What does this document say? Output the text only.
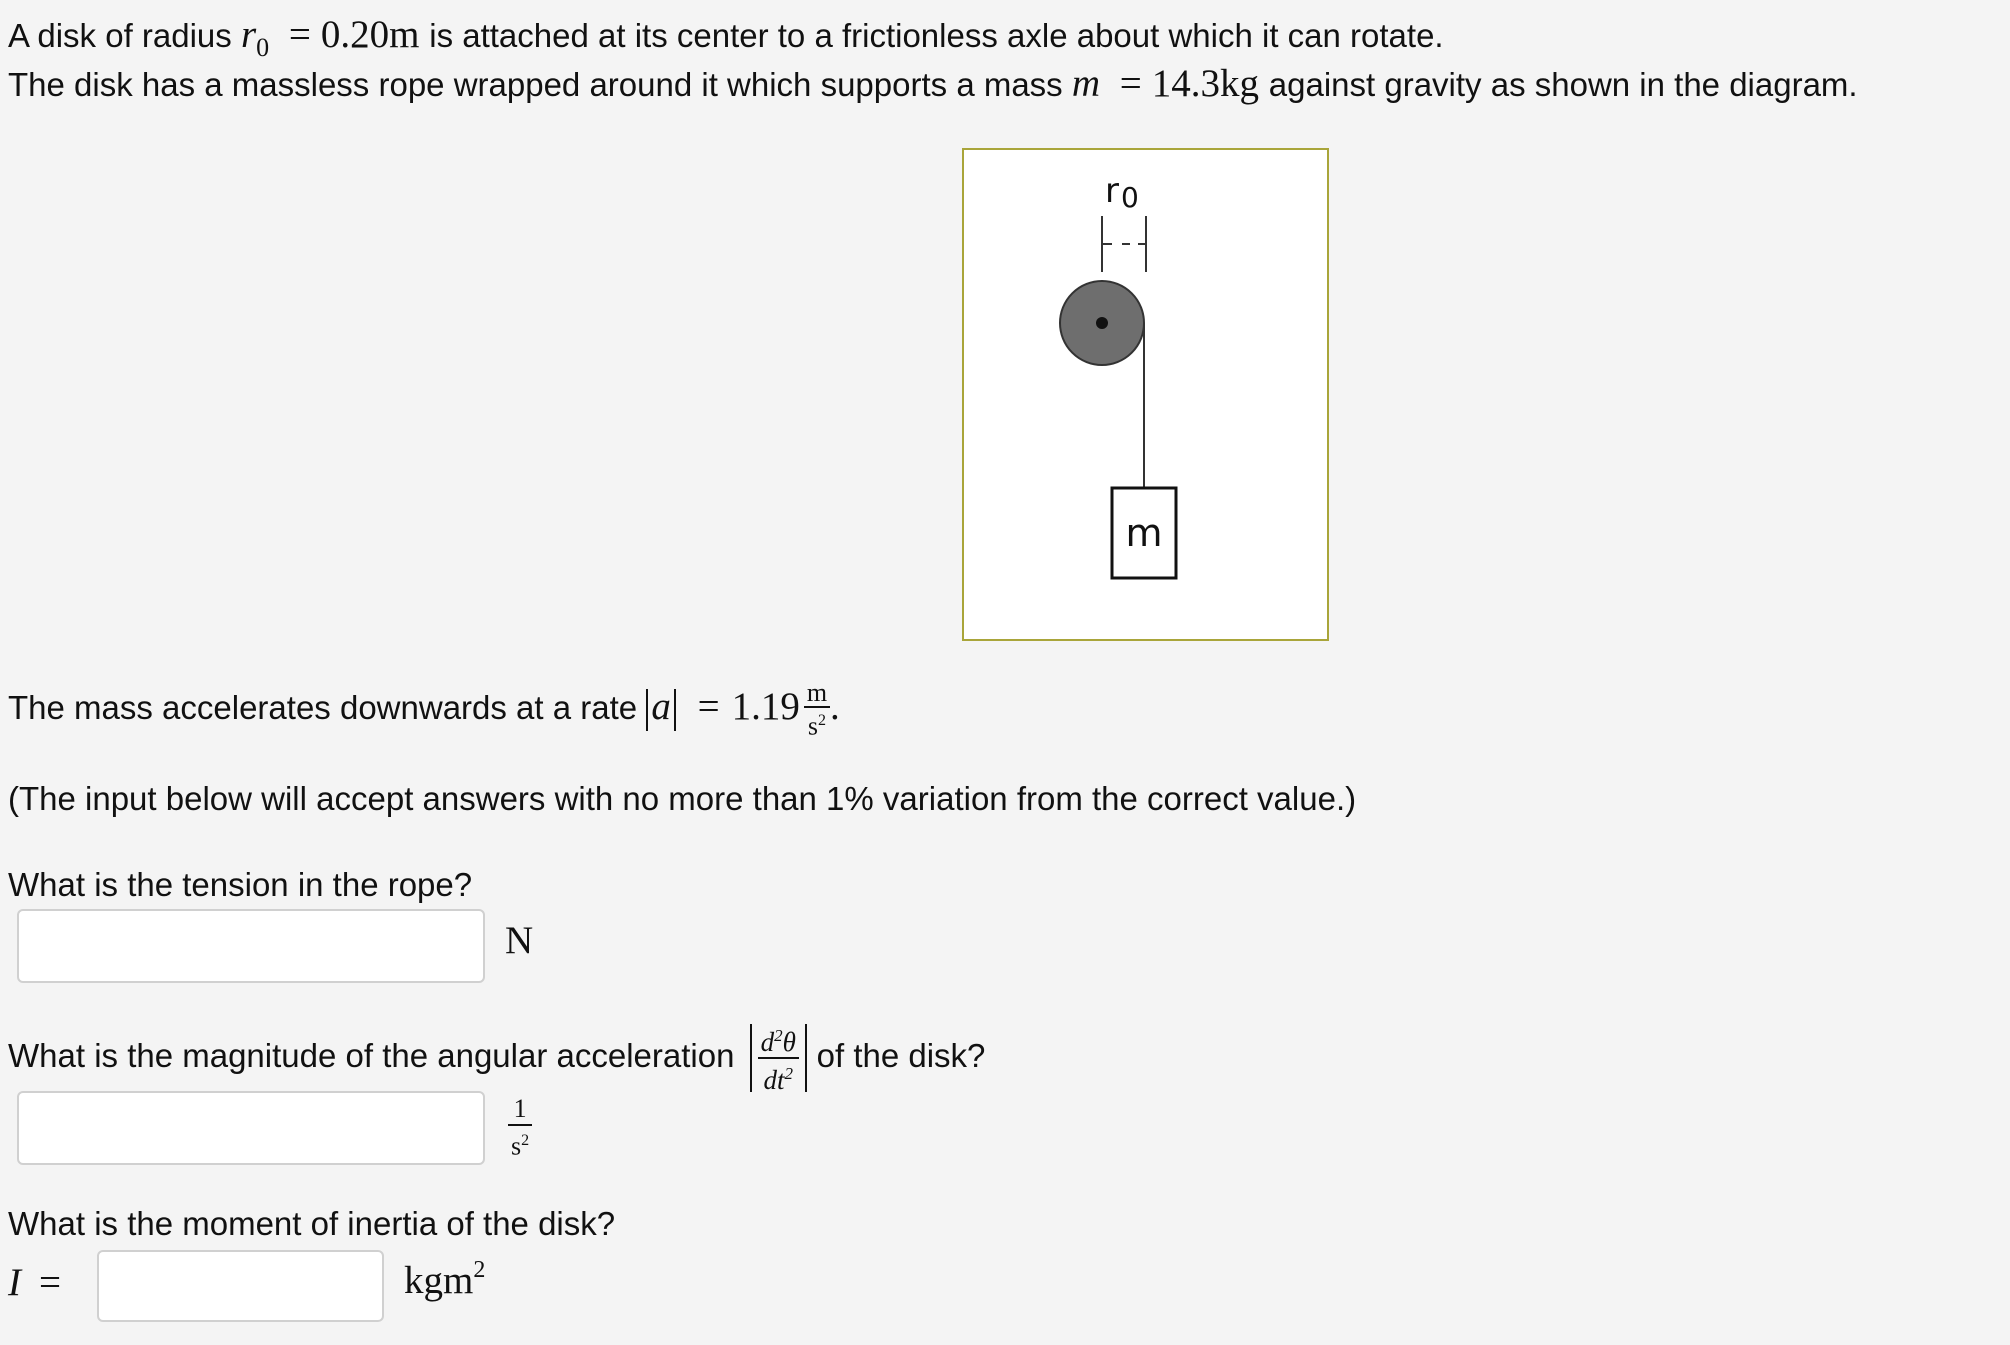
A disk of radius $r_0 = 0.20m$ is attached at its center to a frictionless axle about which it can rotate.
The disk has a massless rope wrapped around it which supports a mass m = 14.3kg against gravity as shown in the diagram.
r0
m
The mass accelerates downwards at a rate $a = 1.19 \frac{m}{s^2}$ .
(The input below will accept answers with no more than 1% variation from the correct value.)
What is the tension in the rope?
N
What is the magnitude of the angular acceleration $\frac{d^2\theta}{dt^2}$ of the disk?
$\frac{1}{s^2}$
What is the moment of inertia of the disk?
I =	kgm$^2$
